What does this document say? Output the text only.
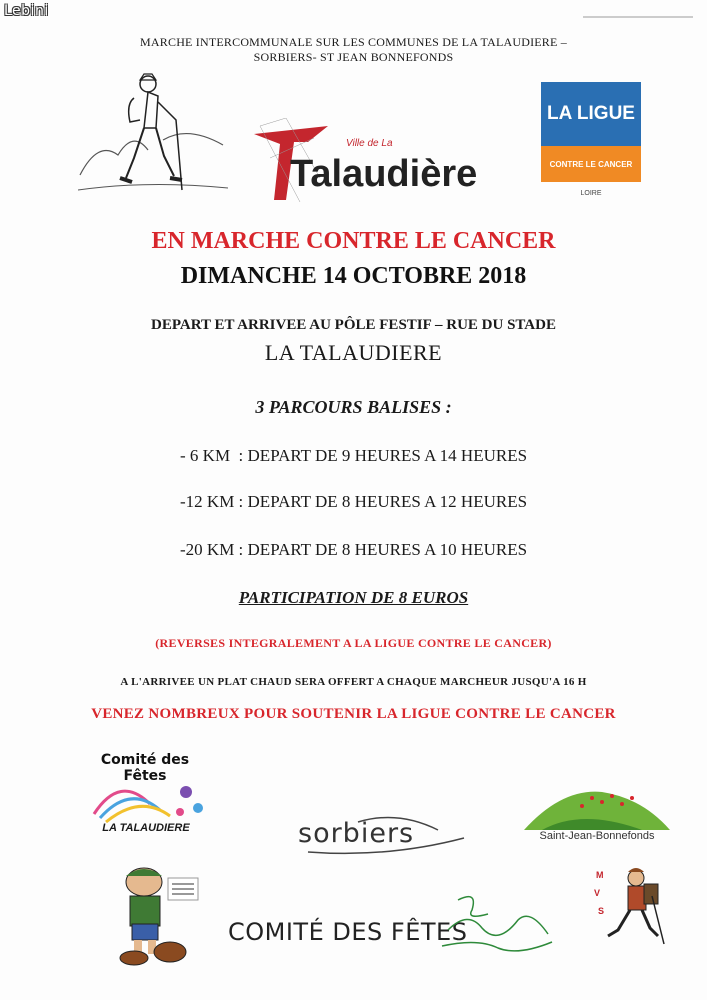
Lebini
MARCHE INTERCOMMUNALE SUR LES COMMUNES DE LA TALAUDIERE –
SORBIERS- ST JEAN BONNEFONDS
Ville de La
Talaudière
LA LIGUE
CONTRE LE CANCER
LOIRE
EN MARCHE CONTRE LE CANCER
DIMANCHE 14 OCTOBRE 2018
DEPART ET ARRIVEE AU PÔLE FESTIF – RUE DU STADE
LA TALAUDIERE
3 PARCOURS BALISES :
- 6 KM  : DEPART DE 9 HEURES A 14 HEURES
-12 KM : DEPART DE 8 HEURES A 12 HEURES
-20 KM : DEPART DE 8 HEURES A 10 HEURES
PARTICIPATION DE 8 EUROS
(REVERSES INTEGRALEMENT A LA LIGUE CONTRE LE CANCER)
A L'ARRIVEE UN PLAT CHAUD SERA OFFERT A CHAQUE MARCHEUR JUSQU'A 16 H
VENEZ NOMBREUX POUR SOUTENIR LA LIGUE CONTRE LE CANCER
Comité des Fêtes
LA TALAUDIERE	sorbiers	Saint-Jean-Bonnefonds
COMITÉ DES FÊTES
M
V
S
